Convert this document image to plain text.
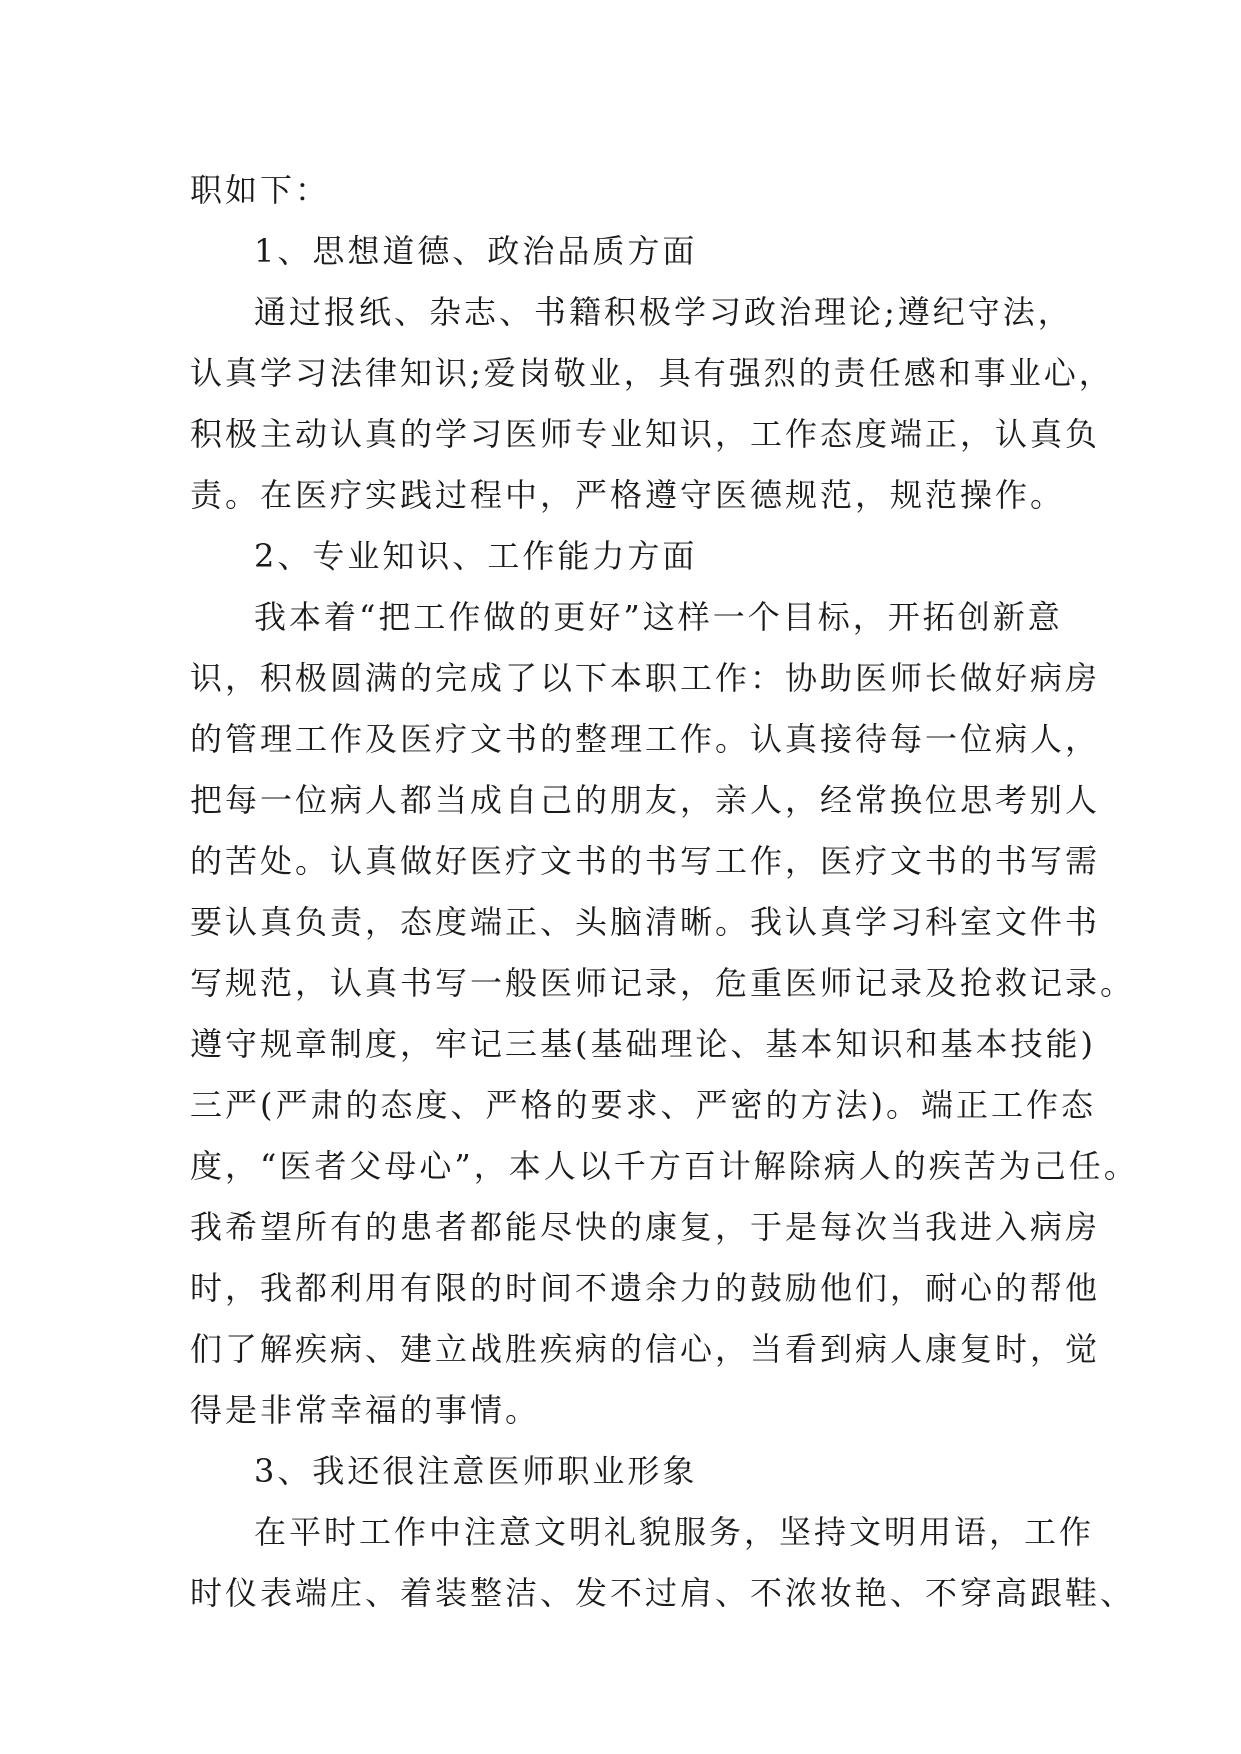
职如下：
1、思想道德、政治品质方面
通过报纸、杂志、书籍积极学习政治理论;遵纪守法，
认真学习法律知识;爱岗敬业，具有强烈的责任感和事业心，
积极主动认真的学习医师专业知识，工作态度端正，认真负
责。在医疗实践过程中，严格遵守医德规范，规范操作。
2、专业知识、工作能力方面
我本着“把工作做的更好”这样一个目标，开拓创新意
识，积极圆满的完成了以下本职工作：协助医师长做好病房
的管理工作及医疗文书的整理工作。认真接待每一位病人，
把每一位病人都当成自己的朋友，亲人，经常换位思考别人
的苦处。认真做好医疗文书的书写工作，医疗文书的书写需
要认真负责，态度端正、头脑清晰。我认真学习科室文件书
写规范，认真书写一般医师记录，危重医师记录及抢救记录。
遵守规章制度，牢记三基(基础理论、基本知识和基本技能)
三严(严肃的态度、严格的要求、严密的方法)。端正工作态
度，“医者父母心”，本人以千方百计解除病人的疾苦为己任。
我希望所有的患者都能尽快的康复，于是每次当我进入病房
时，我都利用有限的时间不遗余力的鼓励他们，耐心的帮他
们了解疾病、建立战胜疾病的信心，当看到病人康复时，觉
得是非常幸福的事情。
3、我还很注意医师职业形象
在平时工作中注意文明礼貌服务，坚持文明用语，工作
时仪表端庄、着装整洁、发不过肩、不浓妆艳、不穿高跟鞋、
